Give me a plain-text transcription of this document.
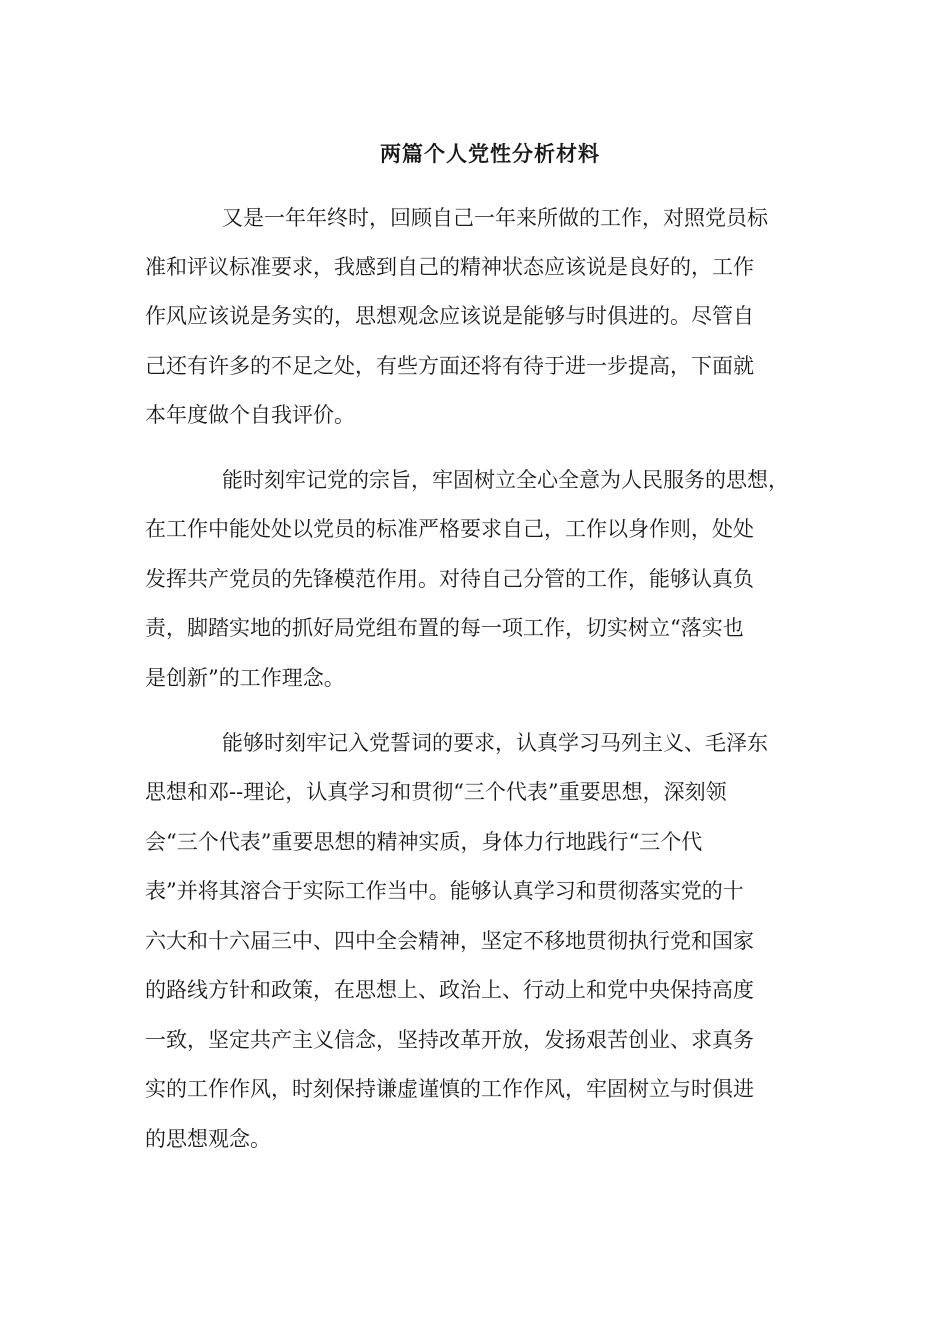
两篇个人党性分析材料

又是一年年终时，回顾自己一年来所做的工作，对照党员标

准和评议标准要求，我感到自己的精神状态应该说是良好的，工作

作风应该说是务实的，思想观念应该说是能够与时俱进的。尽管自

己还有许多的不足之处，有些方面还将有待于进一步提高，下面就

本年度做个自我评价。

能时刻牢记党的宗旨，牢固树立全心全意为人民服务的思想，

在工作中能处处以党员的标准严格要求自己，工作以身作则，处处

发挥共产党员的先锋模范作用。对待自己分管的工作，能够认真负

责，脚踏实地的抓好局党组布置的每一项工作，切实树立“落实也

是创新”的工作理念。

能够时刻牢记入党誓词的要求，认真学习马列主义、毛泽东

思想和邓--理论，认真学习和贯彻“三个代表”重要思想，深刻领

会“三个代表”重要思想的精神实质，身体力行地践行“三个代

表”并将其溶合于实际工作当中。能够认真学习和贯彻落实党的十

六大和十六届三中、四中全会精神，坚定不移地贯彻执行党和国家

的路线方针和政策，在思想上、政治上、行动上和党中央保持高度

一致，坚定共产主义信念，坚持改革开放，发扬艰苦创业、求真务

实的工作作风，时刻保持谦虚谨慎的工作作风，牢固树立与时俱进

的思想观念。
